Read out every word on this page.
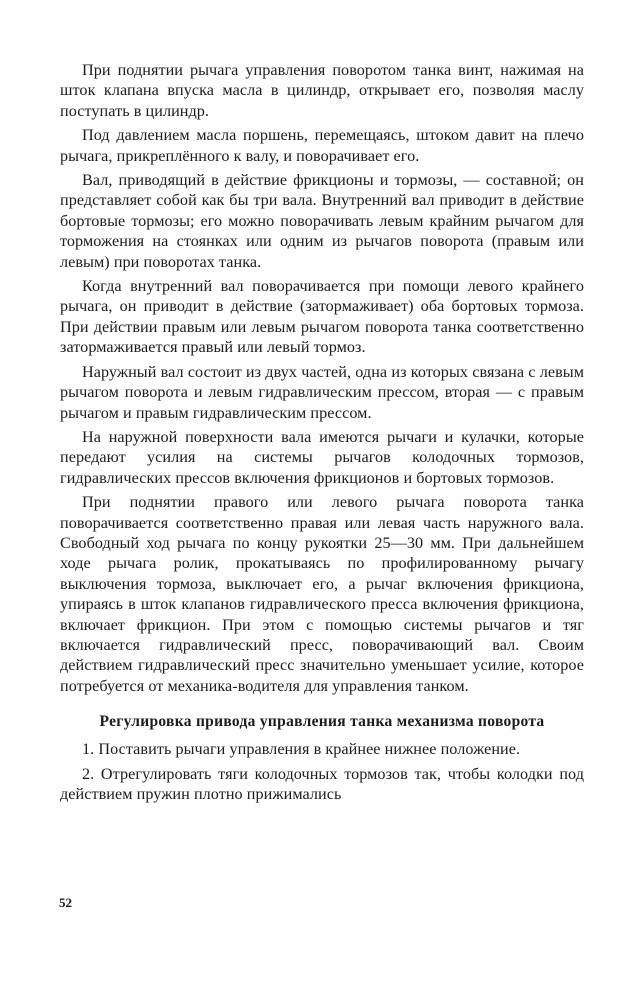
При поднятии рычага управления поворотом танка винт, нажимая на шток клапана впуска масла в цилиндр, открывает его, позволяя маслу поступать в цилиндр.

Под давлением масла поршень, перемещаясь, штоком давит на плечо рычага, прикреплённого к валу, и поворачивает его.

Вал, приводящий в действие фрикционы и тормозы, — составной; он представляет собой как бы три вала. Внутренний вал приводит в действие бортовые тормозы; его можно поворачивать левым крайним рычагом для торможения на стоянках или одним из рычагов поворота (правым или левым) при поворотах танка.

Когда внутренний вал поворачивается при помощи левого крайнего рычага, он приводит в действие (затормаживает) оба бортовых тормоза. При действии правым или левым рычагом поворота танка соответственно затормаживается правый или левый тормоз.

Наружный вал состоит из двух частей, одна из которых связана с левым рычагом поворота и левым гидравлическим прессом, вторая — с правым рычагом и правым гидравлическим прессом.

На наружной поверхности вала имеются рычаги и кулачки, которые передают усилия на системы рычагов колодочных тормозов, гидравлических прессов включения фрикционов и бортовых тормозов.

При поднятии правого или левого рычага поворота танка поворачивается соответственно правая или левая часть наружного вала. Свободный ход рычага по концу рукоятки 25—30 мм. При дальнейшем ходе рычага ролик, прокатываясь по профилированному рычагу выключения тормоза, выключает его, а рычаг включения фрикциона, упираясь в шток клапанов гидравлического пресса включения фрикциона, включает фрикцион. При этом с помощью системы рычагов и тяг включается гидравлический пресс, поворачивающий вал. Своим действием гидравлический пресс значительно уменьшает усилие, которое потребуется от механика-водителя для управления танком.

Регулировка привода управления танка механизма поворота

1. Поставить рычаги управления в крайнее нижнее положение.

2. Отрегулировать тяги колодочных тормозов так, чтобы колодки под действием пружин плотно прижимались

52
